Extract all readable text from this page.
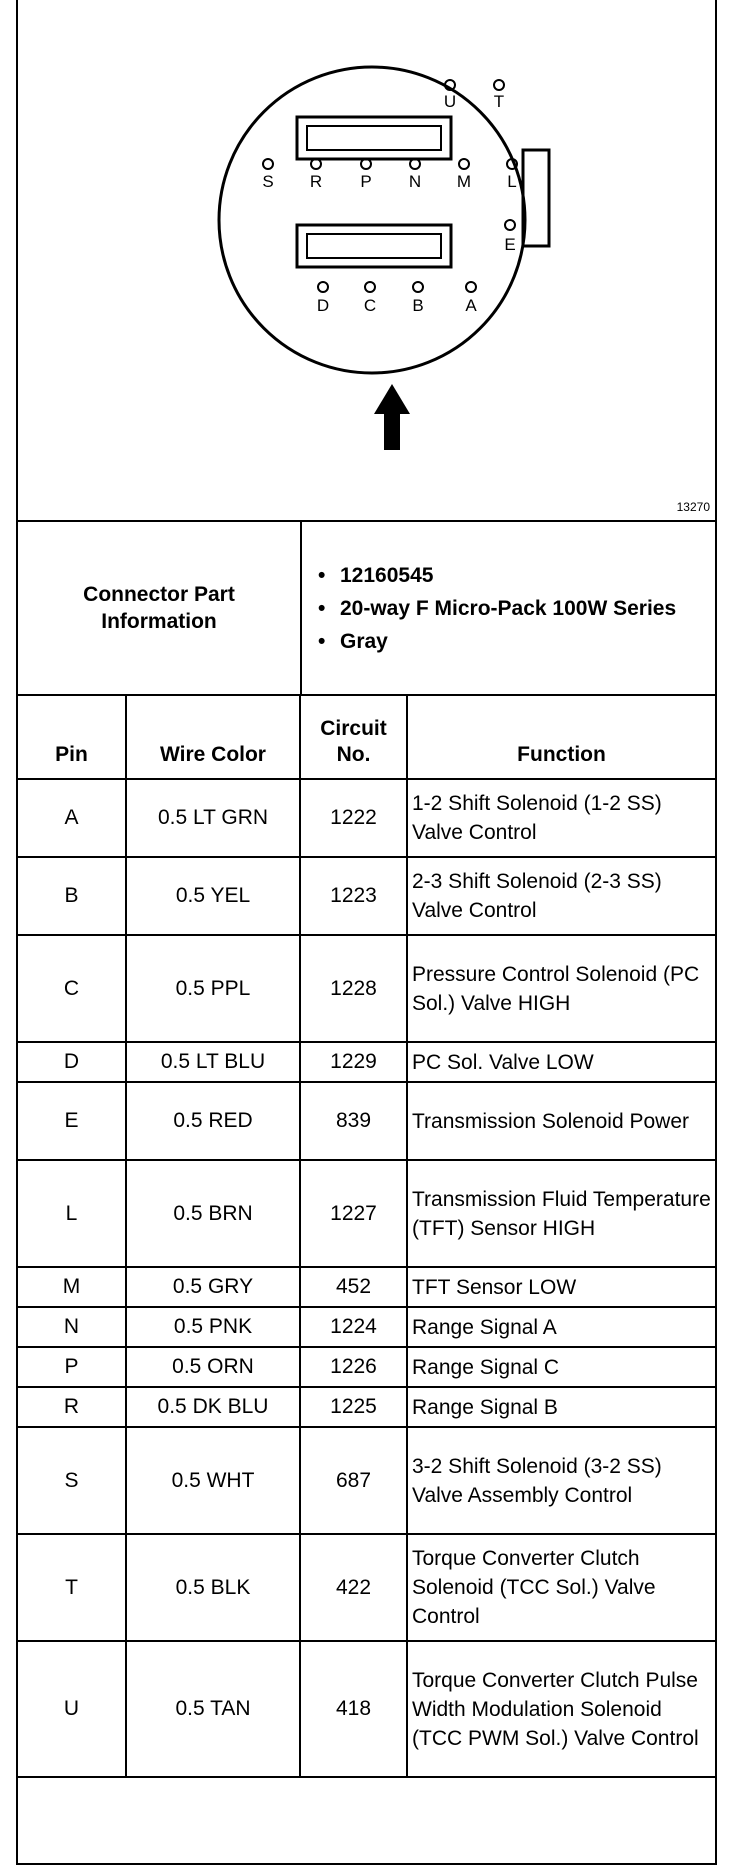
U T
S R P N M L
E
D C B A
13270
Connector Part
Information

• 12160545
• 20-way F Micro-Pack 100W Series
• Gray
Pin	Wire Color	Circuit No.	Function
A	0.5 LT GRN	1222	1-2 Shift Solenoid (1-2 SS) Valve Control
B	0.5 YEL	1223	2-3 Shift Solenoid (2-3 SS) Valve Control
C	0.5 PPL	1228	Pressure Control Solenoid (PC Sol.) Valve HIGH
D	0.5 LT BLU	1229	PC Sol. Valve LOW
E	0.5 RED	839	Transmission Solenoid Power
L	0.5 BRN	1227	Transmission Fluid Temperature (TFT) Sensor HIGH
M	0.5 GRY	452	TFT Sensor LOW
N	0.5 PNK	1224	Range Signal A
P	0.5 ORN	1226	Range Signal C
R	0.5 DK BLU	1225	Range Signal B
S	0.5 WHT	687	3-2 Shift Solenoid (3-2 SS) Valve Assembly Control
T	0.5 BLK	422	Torque Converter Clutch Solenoid (TCC Sol.) Valve Control
U	0.5 TAN	418	Torque Converter Clutch Pulse Width Modulation Solenoid (TCC PWM Sol.) Valve Control
